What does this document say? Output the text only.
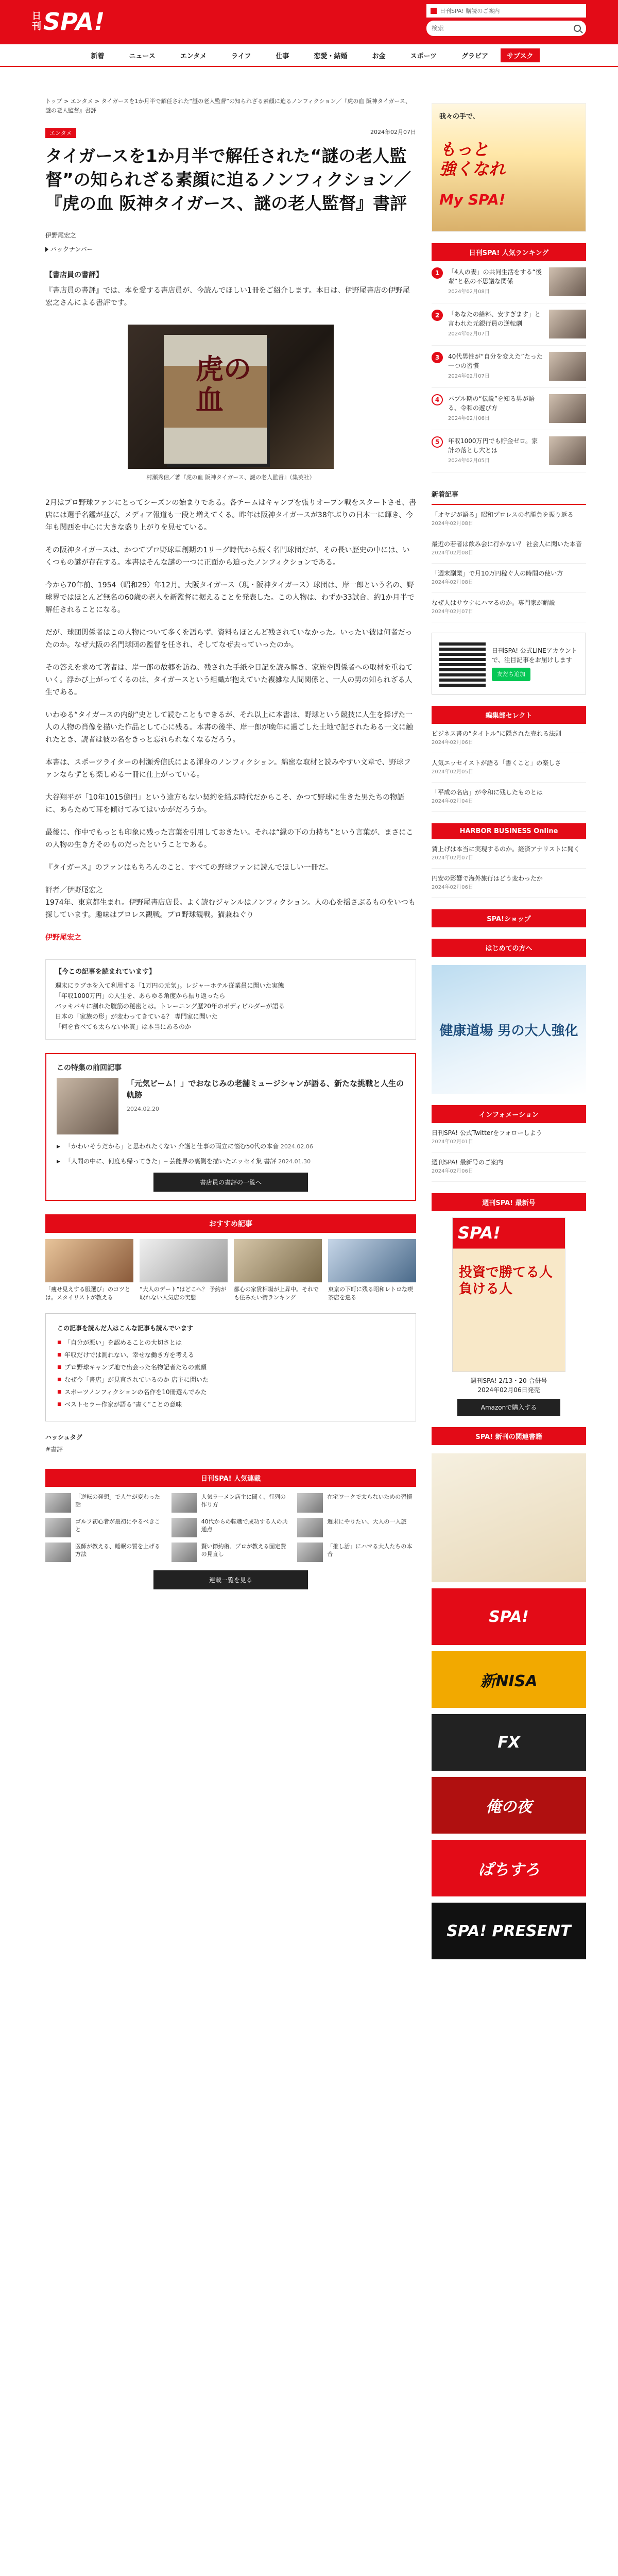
日刊SPA!	日刊SPA! 購読のご案内
検索
新着	ニュース	エンタメ	ライフ	仕事	恋愛・結婚	お金	スポーツ	グラビア	サブスク
トップ > エンタメ > タイガースを1か月半で解任された“謎の老人監督”の知られざる素顔に迫るノンフィクション／『虎の血 阪神タイガース、謎の老人監督』書評
エンタメ	2024年02月07日
タイガースを1か月半で解任された“謎の老人監督”の知られざる素顔に迫るノンフィクション／『虎の血 阪神タイガース、謎の老人監督』書評
伊野尾宏之
バックナンバー

【書店員の書評】

『書店員の書評』では、本を愛する書店員が、今読んでほしい1冊をご紹介します。本日は、伊野尾書店の伊野尾宏之さんによる書評です。

虎の血
村瀬秀信／著『虎の血 阪神タイガース、謎の老人監督』（集英社）

2月はプロ野球ファンにとってシーズンの始まりである。各チームはキャンプを張りオープン戦をスタートさせ、書店には選手名鑑が並び、メディア報道も一段と増えてくる。昨年は阪神タイガースが38年ぶりの日本一に輝き、今年も関西を中心に大きな盛り上がりを見せている。

その阪神タイガースは、かつてプロ野球草創期の1リーグ時代から続く名門球団だが、その長い歴史の中には、いくつもの謎が存在する。本書はそんな謎の一つに正面から迫ったノンフィクションである。

今から70年前、1954（昭和29）年12月。大阪タイガース（現・阪神タイガース）球団は、岸一郎という名の、野球界ではほとんど無名の60歳の老人を新監督に据えることを発表した。この人物は、わずか33試合、約1か月半で解任されることになる。

だが、球団関係者はこの人物について多くを語らず、資料もほとんど残されていなかった。いったい彼は何者だったのか。なぜ大阪の名門球団の監督を任され、そしてなぜ去っていったのか。

その答えを求めて著者は、岸一郎の故郷を訪ね、残された手紙や日記を読み解き、家族や関係者への取材を重ねていく。浮かび上がってくるのは、タイガースという組織が抱えていた複雑な人間関係と、一人の男の知られざる人生である。

いわゆる“タイガースの内紛”史として読むこともできるが、それ以上に本書は、野球という競技に人生を捧げた一人の人物の肖像を描いた作品として心に残る。本書の後半、岸一郎が晩年に過ごした土地で記されたある一文に触れたとき、読者は彼の名をきっと忘れられなくなるだろう。

本書は、スポーツライターの村瀬秀信氏による渾身のノンフィクション。綿密な取材と読みやすい文章で、野球ファンならずとも楽しめる一冊に仕上がっている。

大谷翔平が「10年1015億円」という途方もない契約を結ぶ時代だからこそ、かつて野球に生きた男たちの物語に、あらためて耳を傾けてみてはいかがだろうか。

最後に、作中でもっとも印象に残った言葉を引用しておきたい。それは“縁の下の力持ち”という言葉が、まさにこの人物の生き方そのものだったということである。

『タイガース』のファンはもちろんのこと、すべての野球ファンに読んでほしい一冊だ。

評者／伊野尾宏之
1974年、東京都生まれ。伊野尾書店店長。よく読むジャンルはノンフィクション。人の心を揺さぶるものをいつも探しています。趣味はプロレス観戦。プロ野球観戦。猫兼ねぐり

伊野尾宏之

【今この記事を読まれています】
週末にラブホを入て利用する「1万円の元気」。レジャーホテル従業員に聞いた実態
「年収1000万円」の人生を、あらゆる角度から振り返ったら
バッキバキに割れた腹筋の秘密とは。トレーニング歴20年のボディビルダーが語る
日本の「家族の形」が変わってきている？ 専門家に聞いた
「何を食べても太らない体質」は本当にあるのか
この特集の前回記事
「元気ビーム！」でおなじみの老舗ミュージシャンが語る、新たな挑戦と人生の軌跡
2024.02.20
▶ 「かわいそうだから」と思われたくない 介護と仕事の両立に悩む50代の本音 2024.02.06
▶ 「人間の中に、何度も帰ってきた」─ 芸能界の裏側を描いたエッセイ集 書評 2024.01.30
書店員の書評の一覧へ
おすすめ記事
「痩せ見えする服選び」のコツとは。スタイリストが教える
“大人のデート”はどこへ？ 予約が取れない人気店の実態
都心の家賃相場が上昇中。それでも住みたい街ランキング
東京の下町に残る昭和レトロな喫茶店を巡る
この記事を読んだ人はこんな記事も読んでいます
■ 「自分が悪い」を認めることの大切さとは
■ 年収だけでは測れない、幸せな働き方を考える
■ プロ野球キャンプ地で出会った名物記者たちの素顔
■ なぜ今「書店」が見直されているのか 店主に聞いた
■ スポーツノンフィクションの名作を10冊選んでみた
■ ベストセラー作家が語る“書く”ことの意味
ハッシュタグ
#書評
日刊SPA! 人気連載
「逆転の発想」で人生が変わった話
人気ラーメン店主に聞く、行列の作り方
在宅ワークで太らないための習慣
ゴルフ初心者が最初にやるべきこと
40代からの転職で成功する人の共通点
週末にやりたい、大人の一人旅
医師が教える、睡眠の質を上げる方法
賢い節約術、プロが教える固定費の見直し
「推し活」にハマる大人たちの本音
連載一覧を見る
我々の手で、
もっと
強くなれ
My SPA!
日刊SPA! 人気ランキング
1	「4人の妻」の共同生活をする“後輩”と私の不思議な関係
2024年02月08日
2	「あなたの給料、安すぎます」と言われた元銀行員の逆転劇
2024年02月07日
3	40代男性が“自分を変えた”たった一つの習慣
2024年02月07日
4	バブル期の“伝説”を知る男が語る、令和の遊び方
2024年02月06日
5	年収1000万円でも貯金ゼロ。家計の落とし穴とは
2024年02月05日
新着記事
「オヤジが語る」昭和プロレスの名勝負を振り返る
2024年02月08日
最近の若者は飲み会に行かない？ 社会人に聞いた本音
2024年02月08日
「週末副業」で月10万円稼ぐ人の時間の使い方
2024年02月08日
なぜ人はサウナにハマるのか。専門家が解説
2024年02月07日
日刊SPA! 公式LINEアカウントで、注目記事をお届けします
友だち追加
編集部セレクト
ビジネス書の“タイトル”に隠された売れる法則
2024年02月06日
人気エッセイストが語る「書くこと」の楽しさ
2024年02月05日
「平成の名店」が令和に残したものとは
2024年02月04日
HARBOR BUSINESS Online
賃上げは本当に実現するのか。経済アナリストに聞く
2024年02月07日
円安の影響で海外旅行はどう変わったか
2024年02月06日
SPA!ショップ
はじめての方へ
健康道場 男の大人強化
インフォメーション
日刊SPA! 公式Twitterをフォローしよう
2024年02月01日
週刊SPA! 最新号のご案内
2024年02月06日
週刊SPA! 最新号
SPA!
投資で勝てる人 負ける人
週刊SPA! 2/13・20 合併号
2024年02月06日発売
Amazonで購入する
SPA! 新刊の関連書籍
SPA!
新NISA
FX
俺の夜
ぱちすろ
SPA! PRESENT
